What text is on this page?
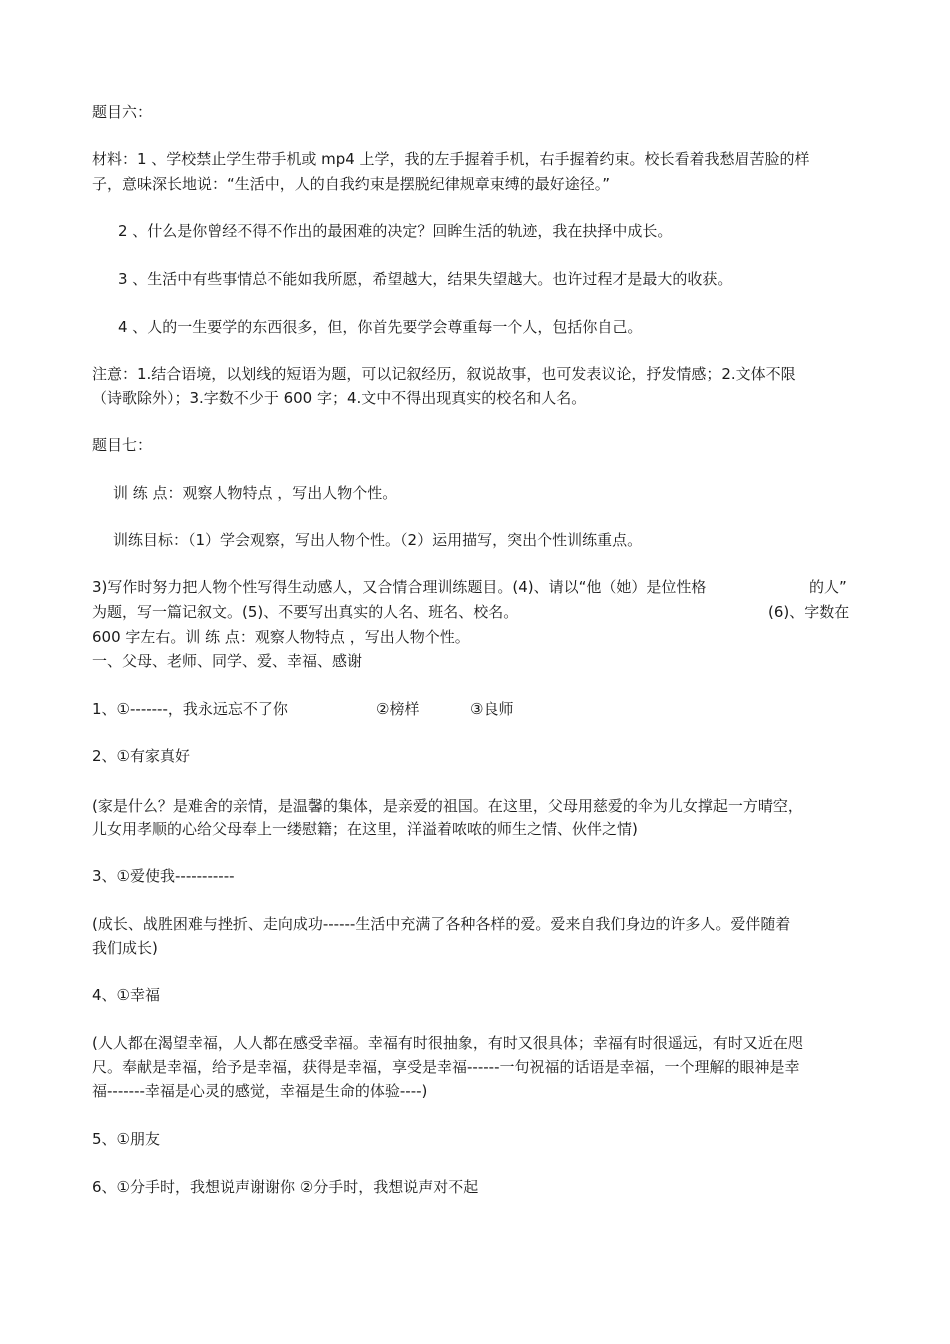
题目六：
材料：1 、学校禁止学生带手机或 mp4 上学，我的左手握着手机，右手握着约束。校长看着我愁眉苦脸的样
子，意味深长地说：“生活中，人的自我约束是摆脱纪律规章束缚的最好途径。”
2 、什么是你曾经不得不作出的最困难的决定？回眸生活的轨迹，我在抉择中成长。
3 、生活中有些事情总不能如我所愿，希望越大，结果失望越大。也许过程才是最大的收获。
4 、人的一生要学的东西很多，但，你首先要学会尊重每一个人，包括你自己。
注意：1.结合语境，以划线的短语为题，可以记叙经历，叙说故事，也可发表议论，抒发情感；2.文体不限
（诗歌除外）；3.字数不少于 600 字；4.文中不得出现真实的校名和人名。
题目七：
训 练 点：观察人物特点 ，写出人物个性。
训练目标：（1）学会观察，写出人物个性。（2）运用描写，突出个性训练重点。
3)写作时努力把人物个性写得生动感人，又合情合理训练题目。(4)、请以“他（她）是位性格	的人”
为题，写一篇记叙文。(5)、不要写出真实的人名、班名、校名。	(6)、字数在
600 字左右。训 练 点：观察人物特点 ，写出人物个性。
一、父母、老师、同学、爱、幸福、感谢
1、①-------，我永远忘不了你	②榜样	③良师
2、①有家真好
(家是什么？是难舍的亲情，是温馨的集体，是亲爱的祖国。在这里，父母用慈爱的伞为儿女撑起一方晴空，
儿女用孝顺的心给父母奉上一缕慰籍；在这里，洋溢着哝哝的师生之情、伙伴之情)
3、①爱使我-----------
(成长、战胜困难与挫折、走向成功------生活中充满了各种各样的爱。爱来自我们身边的许多人。爱伴随着
我们成长)
4、①幸福
(人人都在渴望幸福，人人都在感受幸福。幸福有时很抽象，有时又很具体；幸福有时很遥远，有时又近在咫
尺。奉献是幸福，给予是幸福，获得是幸福，享受是幸福------一句祝福的话语是幸福，一个理解的眼神是幸
福-------幸福是心灵的感觉，幸福是生命的体验----)
5、①朋友
6、①分手时，我想说声谢谢你 ②分手时，我想说声对不起
